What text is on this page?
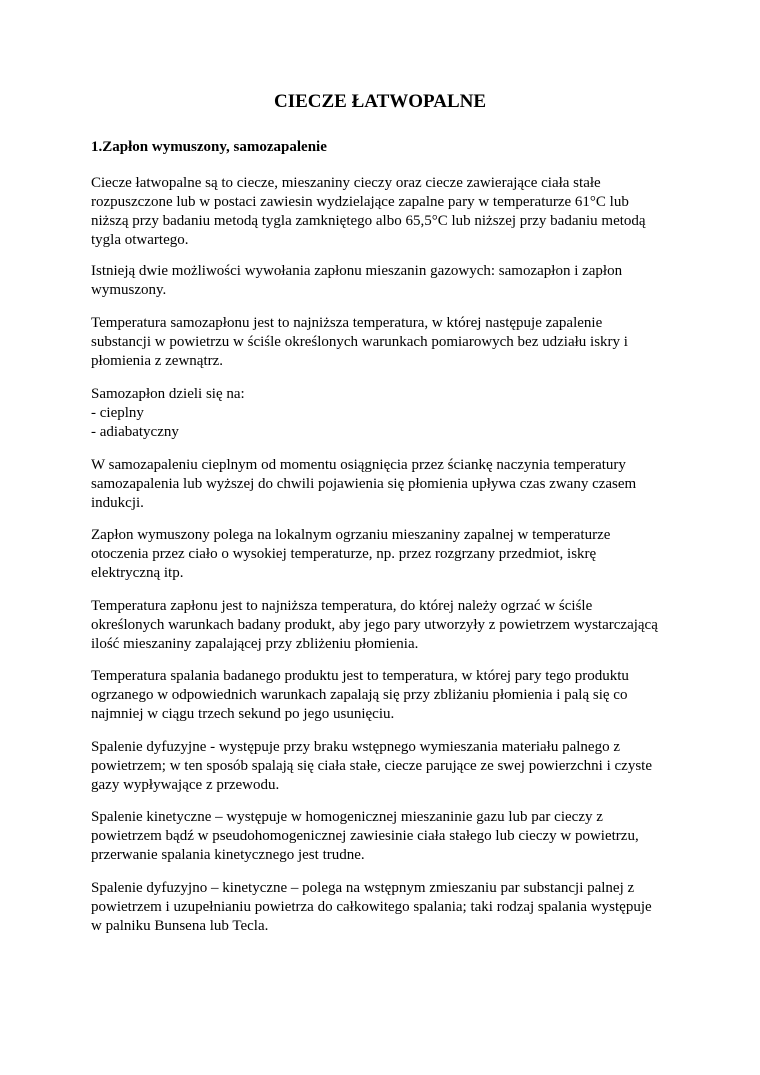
CIECZE ŁATWOPALNE
1.Zapłon wymuszony, samozapalenie

Ciecze łatwopalne są to ciecze, mieszaniny cieczy oraz ciecze zawierające ciała stałe
rozpuszczone lub w postaci zawiesin wydzielające zapalne pary w temperaturze 61°C lub
niższą przy badaniu metodą tygla zamkniętego albo 65,5°C lub niższej przy badaniu metodą
tygla otwartego.

Istnieją dwie możliwości wywołania zapłonu mieszanin gazowych: samozapłon i zapłon
wymuszony.

Temperatura samozapłonu jest to najniższa temperatura, w której następuje zapalenie
substancji w powietrzu w ściśle określonych warunkach pomiarowych bez udziału iskry i
płomienia z zewnątrz.

Samozapłon dzieli się na:
- cieplny
- adiabatyczny

W samozapaleniu cieplnym od momentu osiągnięcia przez ściankę naczynia temperatury
samozapalenia lub wyższej do chwili pojawienia się płomienia upływa czas zwany czasem
indukcji.

Zapłon wymuszony polega na lokalnym ogrzaniu mieszaniny zapalnej w temperaturze
otoczenia przez ciało o wysokiej temperaturze, np. przez rozgrzany przedmiot, iskrę
elektryczną itp.

Temperatura zapłonu jest to najniższa temperatura, do której należy ogrzać w ściśle
określonych warunkach badany produkt, aby jego pary utworzyły z powietrzem wystarczającą
ilość mieszaniny zapalającej przy zbliżeniu płomienia.

Temperatura spalania badanego produktu jest to temperatura, w której pary tego produktu
ogrzanego w odpowiednich warunkach zapalają się przy zbliżaniu płomienia i palą się co
najmniej w ciągu trzech sekund po jego usunięciu.

Spalenie dyfuzyjne - występuje przy braku wstępnego wymieszania materiału palnego z
powietrzem; w ten sposób spalają się ciała stałe, ciecze parujące ze swej powierzchni i czyste
gazy wypływające z przewodu.

Spalenie kinetyczne – występuje w homogenicznej mieszaninie gazu lub par cieczy z
powietrzem bądź w pseudohomogenicznej zawiesinie ciała stałego lub cieczy w powietrzu,
przerwanie spalania kinetycznego jest trudne.

Spalenie dyfuzyjno – kinetyczne – polega na wstępnym zmieszaniu par substancji palnej z
powietrzem i uzupełnianiu powietrza do całkowitego spalania; taki rodzaj spalania występuje
w palniku Bunsena lub Tecla.
